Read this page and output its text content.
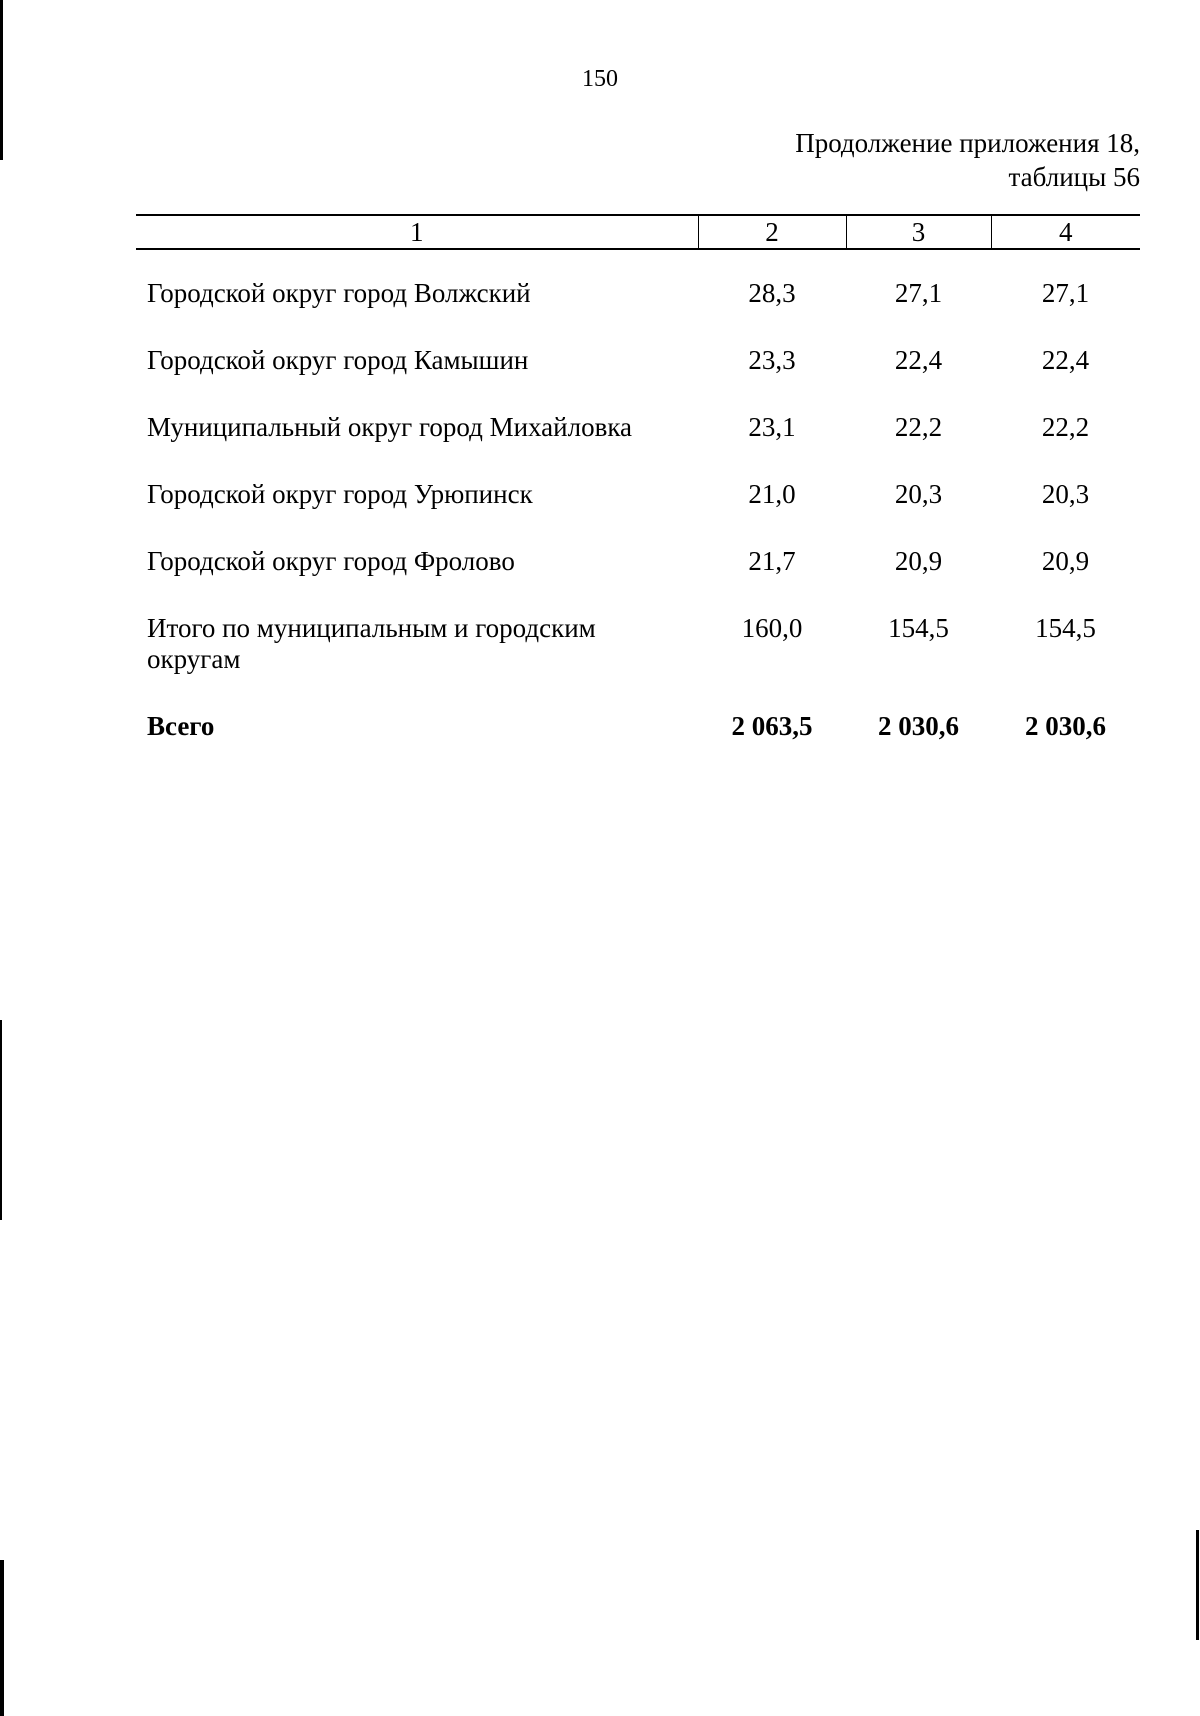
150
Продолжение приложения 18,
таблицы 56
1	2	3	4

Городской округ город Волжский	28,3	27,1	27,1
Городской округ город Камышин	23,3	22,4	22,4
Муниципальный округ город Михайловка	23,1	22,2	22,2
Городской округ город Урюпинск	21,0	20,3	20,3
Городской округ город Фролово	21,7	20,9	20,9

Итого по муниципальным и городским
округам	160,0	154,5	154,5
Всего	2 063,5	2 030,6	2 030,6
